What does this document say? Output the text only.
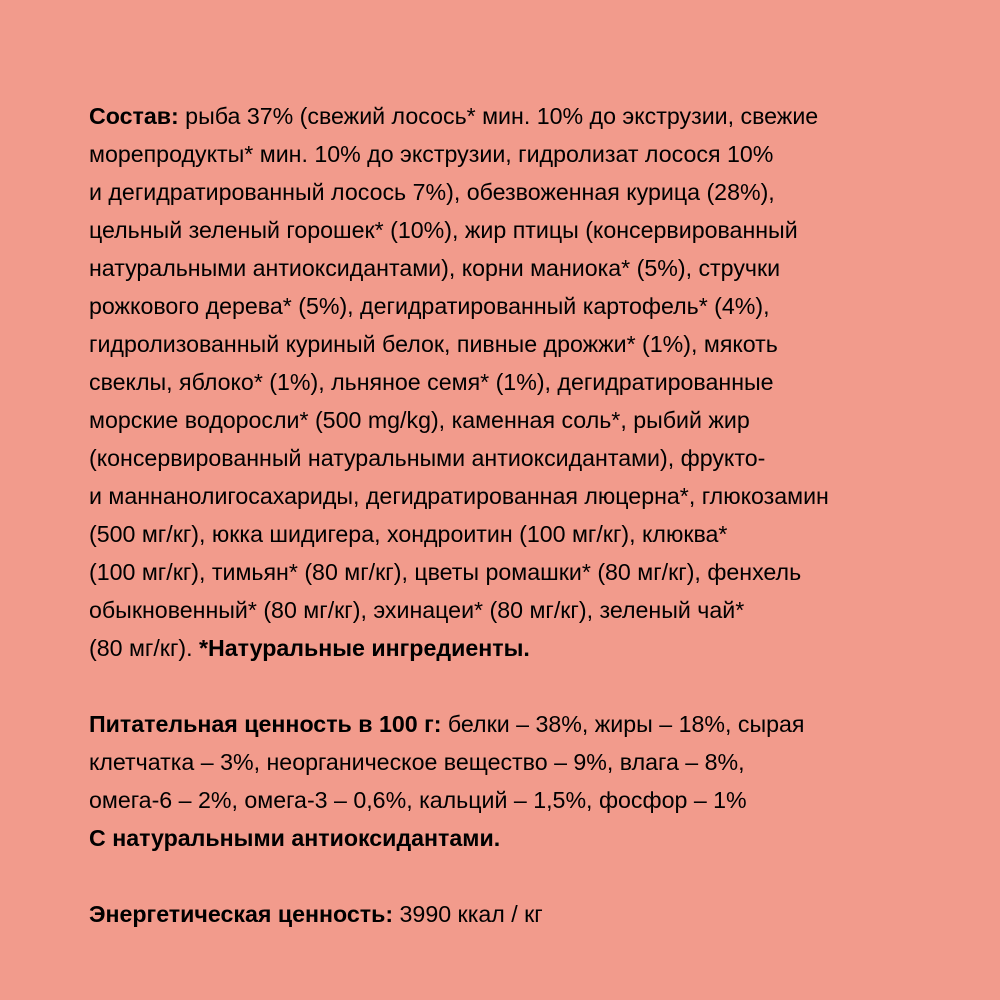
Состав: рыба 37% (свежий лосось* мин. 10% до экструзии, свежие
морепродукты* мин. 10% до экструзии, гидролизат лосося 10%
и дегидратированный лосось 7%), обезвоженная курица (28%),
цельный зеленый горошек* (10%), жир птицы (консервированный
натуральными антиоксидантами), корни маниока* (5%), стручки
рожкового дерева* (5%), дегидратированный картофель* (4%),
гидролизованный куриный белок, пивные дрожжи* (1%), мякоть
свеклы, яблоко* (1%), льняное семя* (1%), дегидратированные
морские водоросли* (500 mg/kg), каменная соль*, рыбий жир
(консервированный натуральными антиоксидантами), фрукто-
и маннанолигосахариды, дегидратированная люцерна*, глюкозамин
(500 мг/кг), юкка шидигера, хондроитин (100 мг/кг), клюква*
(100 мг/кг), тимьян* (80 мг/кг), цветы ромашки* (80 мг/кг), фенхель
обыкновенный* (80 мг/кг), эхинацеи* (80 мг/кг), зеленый чай*
(80 мг/кг). *Натуральные ингредиенты.
Питательная ценность в 100 г: белки – 38%, жиры – 18%, сырая
клетчатка – 3%, неорганическое вещество – 9%, влага – 8%,
омега-6 – 2%, омега-3 – 0,6%, кальций – 1,5%, фосфор – 1%
С натуральными антиоксидантами.
Энергетическая ценность: 3990 ккал / кг
